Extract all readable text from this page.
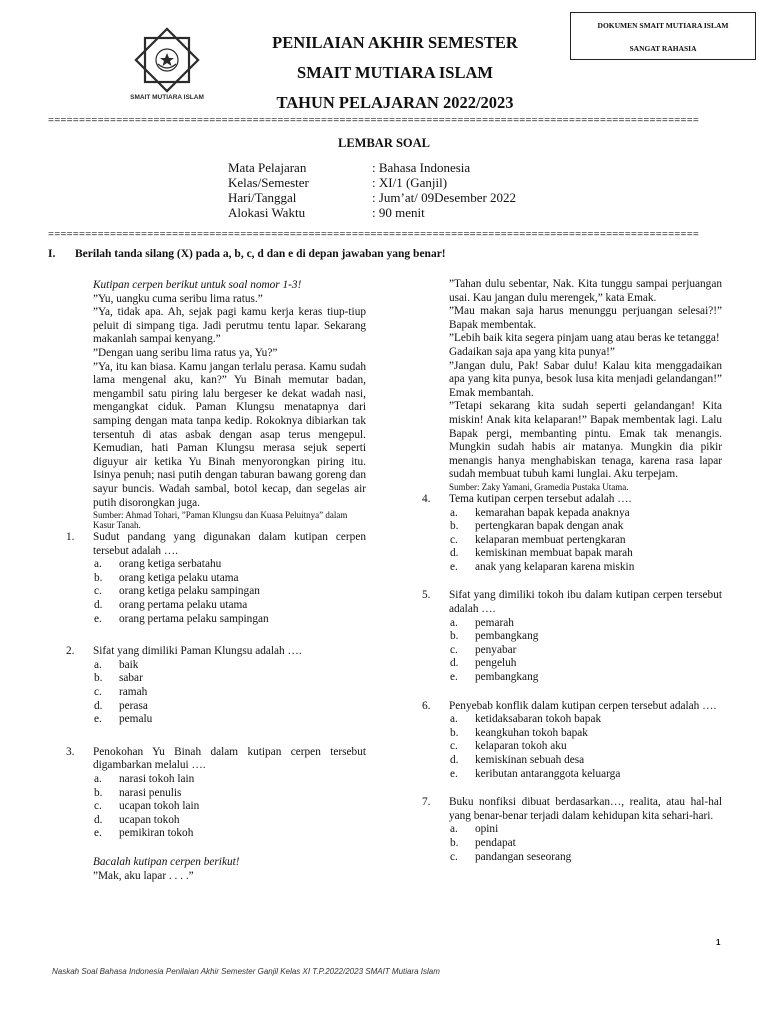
SMAIT MUTIARA ISLAM
PENILAIAN AKHIR SEMESTER
SMAIT MUTIARA ISLAM
TAHUN PELAJARAN 2022/2023
DOKUMEN SMAIT MUTIARA ISLAM
SANGAT RAHASIA
=========================================================================================================
LEMBAR SOAL
Mata Pelajaran	: Bahasa Indonesia
Kelas/Semester	: XI/1 (Ganjil)
Hari/Tanggal	: Jum’at/ 09Desember 2022
Alokasi Waktu	: 90 menit
=========================================================================================================
I. Berilah tanda silang (X) pada a, b, c, d dan e di depan jawaban yang benar!

Kutipan cerpen berikut untuk soal nomor 1-3!

”Yu, uangku cuma seribu lima ratus.”

”Ya, tidak apa. Ah, sejak pagi kamu kerja keras tiup-tiup peluit di simpang tiga. Jadi perutmu tentu lapar. Sekarang makanlah sampai kenyang.”

”Dengan uang seribu lima ratus ya, Yu?”

”Ya, itu kan biasa. Kamu jangan terlalu perasa. Kamu sudah lama mengenal aku, kan?” Yu Binah memutar badan, mengambil satu piring lalu bergeser ke dekat wadah nasi, mengangkat ciduk. Paman Klungsu menatapnya dari samping dengan mata tanpa kedip. Rokoknya dibiarkan tak tersentuh di atas asbak dengan asap terus mengepul. Kemudian, hati Paman Klungsu merasa sejuk seperti diguyur air ketika Yu Binah menyorongkan piring itu. Isinya penuh; nasi putih dengan taburan bawang goreng dan sayur buncis. Wadah sambal, botol kecap, dan segelas air putih disorongkan juga.

Sumber: Ahmad Tohari, ”Paman Klungsu dan Kuasa Peluitnya” dalam Kasur Tanah.

1.	Sudut pandang yang digunakan dalam kutipan cerpen tersebut adalah ….
a.	orang ketiga serbatahu
b.	orang ketiga pelaku utama
c.	orang ketiga pelaku sampingan
d.	orang pertama pelaku utama
e.	orang pertama pelaku sampingan
2.	Sifat yang dimiliki Paman Klungsu adalah ….
a.	baik
b.	sabar
c.	ramah
d.	perasa
e.	pemalu
3.	Penokohan Yu Binah dalam kutipan cerpen tersebut digambarkan melalui ….
a.	narasi tokoh lain
b.	narasi penulis
c.	ucapan tokoh lain
d.	ucapan tokoh
e.	pemikiran tokoh

Bacalah kutipan cerpen berikut!

”Mak, aku lapar . . . .”

”Tahan dulu sebentar, Nak. Kita tunggu sampai perjuangan usai. Kau jangan dulu merengek,” kata Emak.

”Mau makan saja harus menunggu perjuangan selesai?!” Bapak membentak.

”Lebih baik kita segera pinjam uang atau beras ke tetangga! Gadaikan saja apa yang kita punya!”

”Jangan dulu, Pak! Sabar dulu! Kalau kita menggadaikan apa yang kita punya, besok lusa kita menjadi gelandangan!” Emak membantah.

”Tetapi sekarang kita sudah seperti gelandangan! Kita miskin! Anak kita kelaparan!” Bapak membentak lagi. Lalu Bapak pergi, membanting pintu. Emak tak menangis. Mungkin sudah habis air matanya. Mungkin dia pikir menangis hanya menghabiskan tenaga, karena rasa lapar sudah membuat tubuh kami lunglai. Aku terpejam.

Sumber: Zaky Yamani, Gramedia Pustaka Utama.

4.	Tema kutipan cerpen tersebut adalah ….
a.	kemarahan bapak kepada anaknya
b.	pertengkaran bapak dengan anak
c.	kelaparan membuat pertengkaran
d.	kemiskinan membuat bapak marah
e.	anak yang kelaparan karena miskin
5.	Sifat yang dimiliki tokoh ibu dalam kutipan cerpen tersebut adalah ….
a.	pemarah
b.	pembangkang
c.	penyabar
d.	pengeluh
e.	pembangkang
6.	Penyebab konflik dalam kutipan cerpen tersebut adalah ….
a.	ketidaksabaran tokoh bapak
b.	keangkuhan tokoh bapak
c.	kelaparan tokoh aku
d.	kemiskinan sebuah desa
e.	keributan antaranggota keluarga
7.	Buku nonfiksi dibuat berdasarkan…, realita, atau hal-hal yang benar-benar terjadi dalam kehidupan kita sehari-hari.
a.	opini
b.	pendapat
c.	pandangan seseorang
1
Naskah Soal Bahasa Indonesia Penilaian Akhir Semester Ganjil Kelas XI T.P.2022/2023 SMAIT Mutiara Islam
